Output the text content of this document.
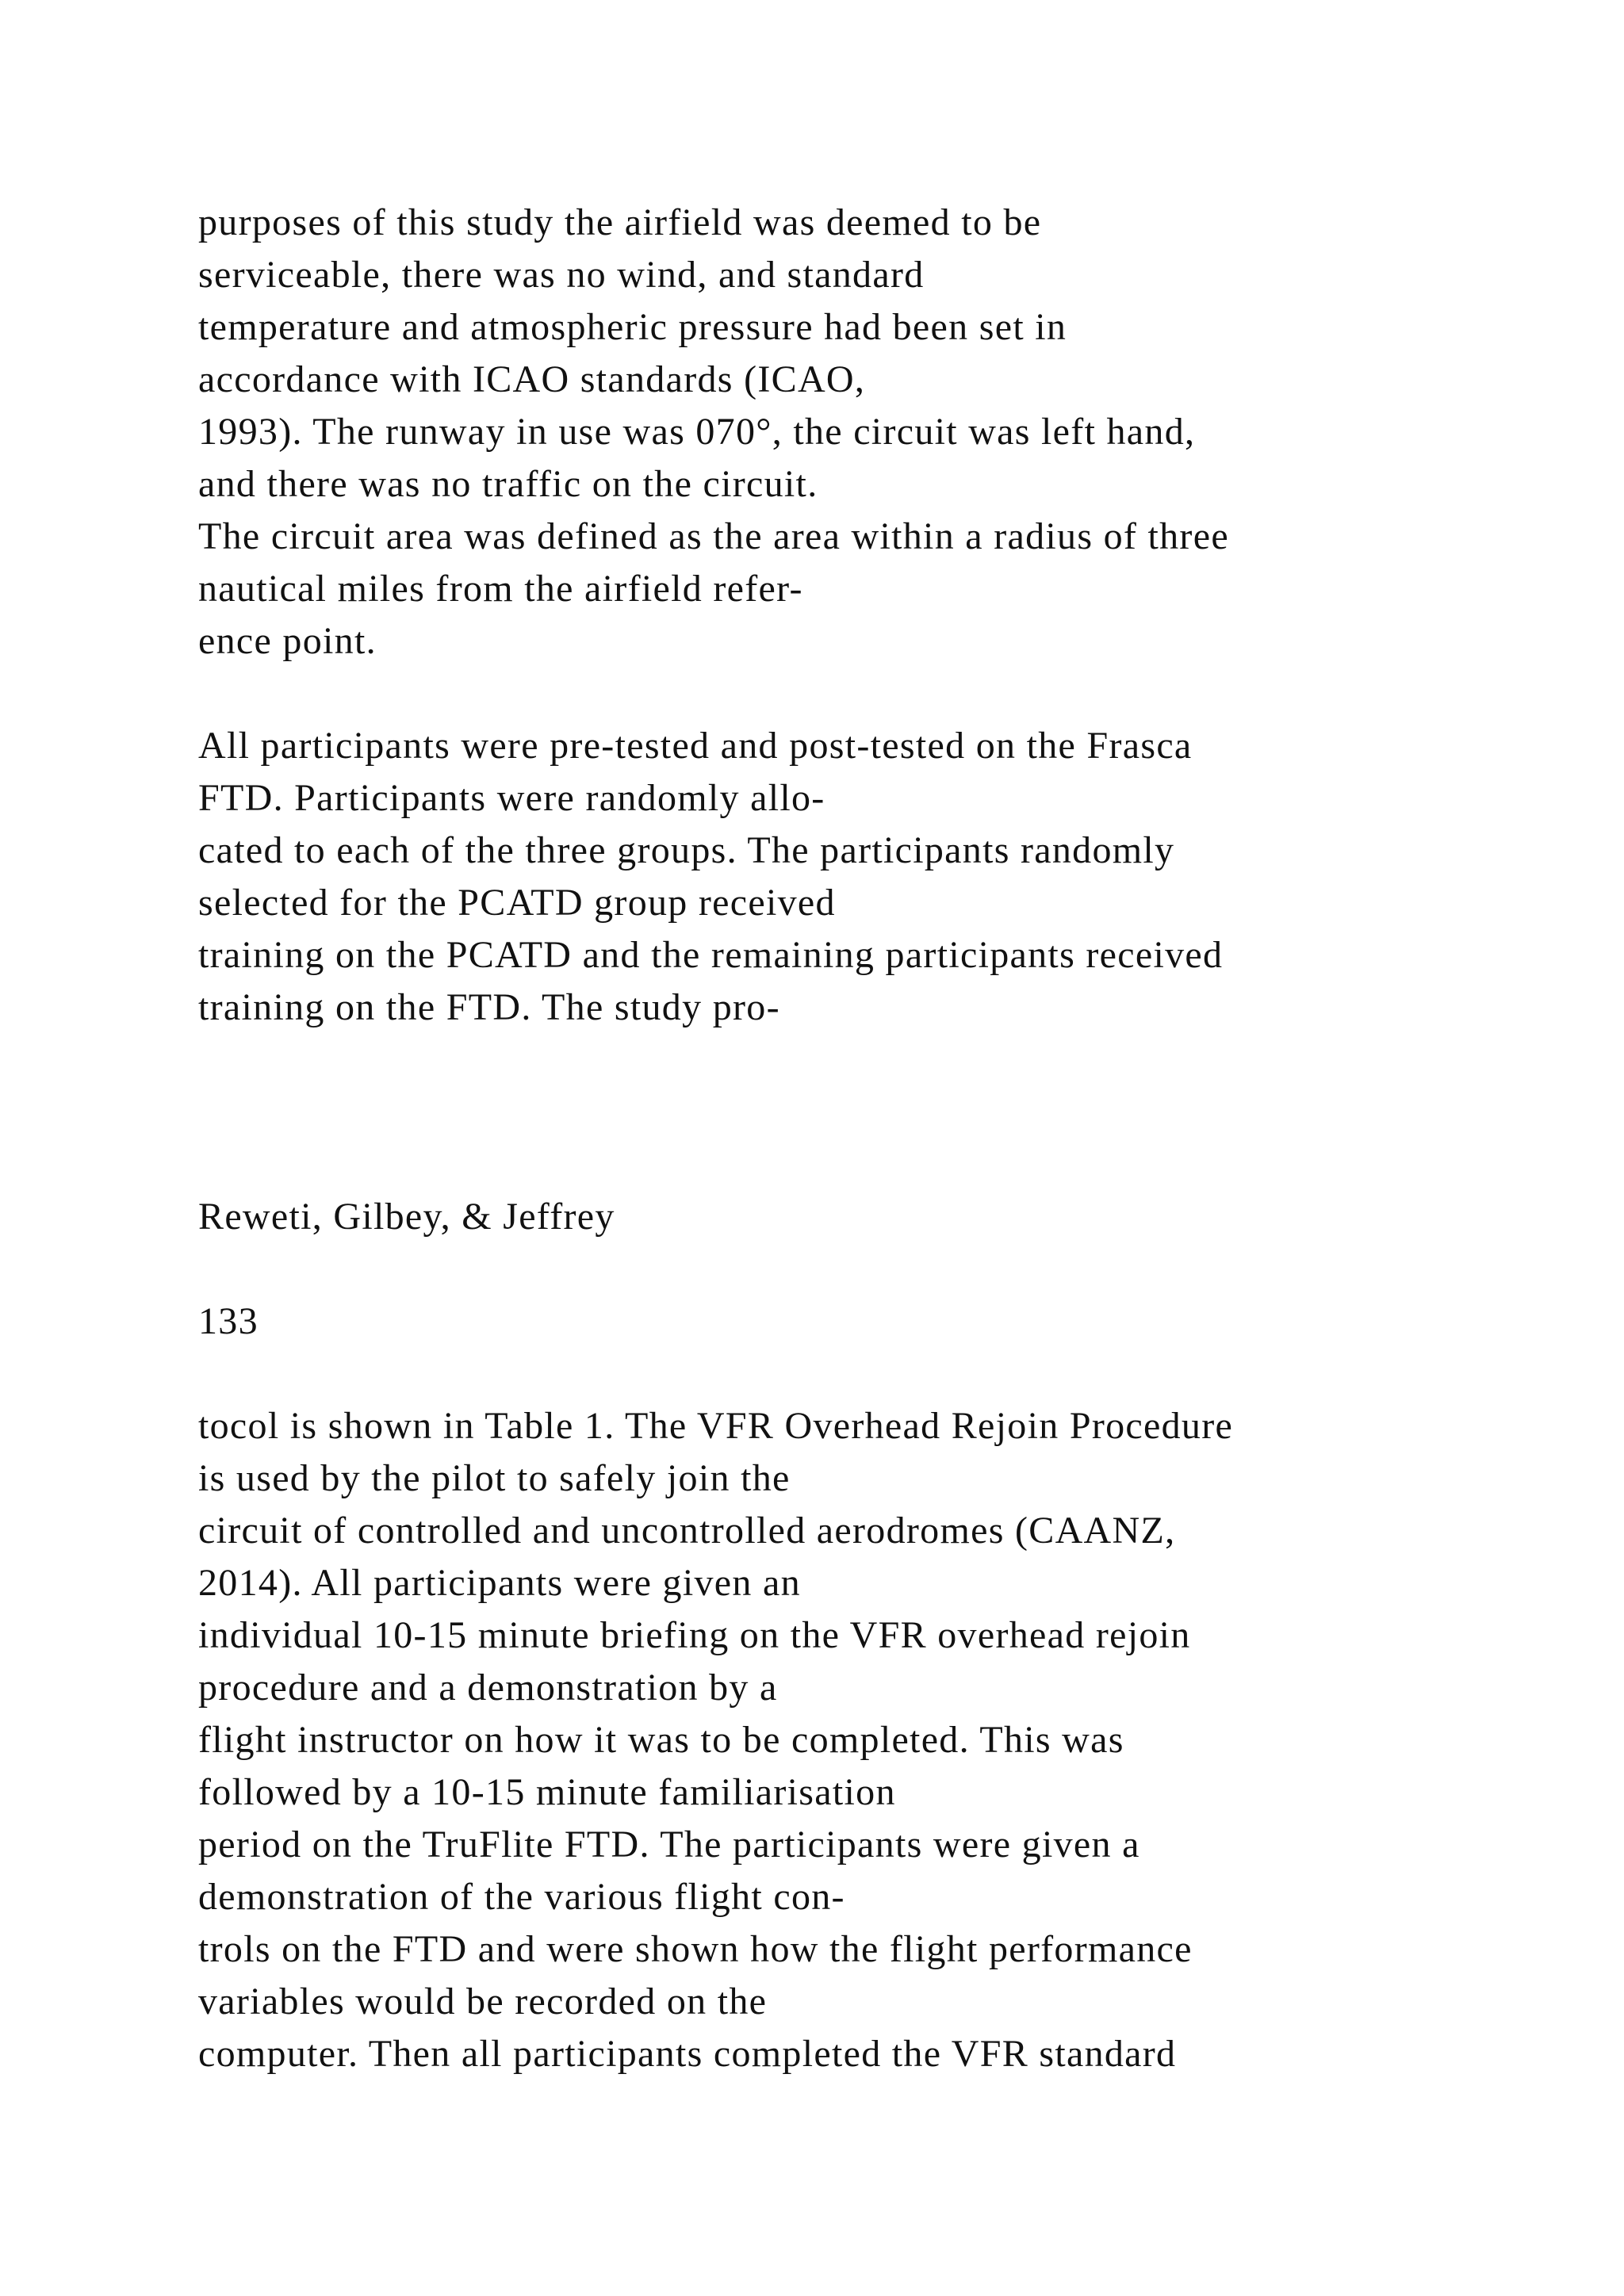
purposes of this study the airfield was deemed to be

serviceable, there was no wind, and standard

temperature and atmospheric pressure had been set in

accordance with ICAO standards (ICAO,

1993). The runway in use was 070°, the circuit was left hand,

and there was no traffic on the circuit.

The circuit area was defined as the area within a radius of three

nautical miles from the airfield refer-

ence point.

All participants were pre-tested and post-tested on the Frasca

FTD. Participants were randomly allo-

cated to each of the three groups. The participants randomly

selected for the PCATD group received

training on the PCATD and the remaining participants received

training on the FTD. The study pro-

Reweti, Gilbey, & Jeffrey

133

tocol is shown in Table 1. The VFR Overhead Rejoin Procedure

is used by the pilot to safely join the

circuit of controlled and uncontrolled aerodromes (CAANZ,

2014). All participants were given an

individual 10-15 minute briefing on the VFR overhead rejoin

procedure and a demonstration by a

flight instructor on how it was to be completed. This was

followed by a 10-15 minute familiarisation

period on the TruFlite FTD. The participants were given a

demonstration of the various flight con-

trols on the FTD and were shown how the flight performance

variables would be recorded on the

computer. Then all participants completed the VFR standard
